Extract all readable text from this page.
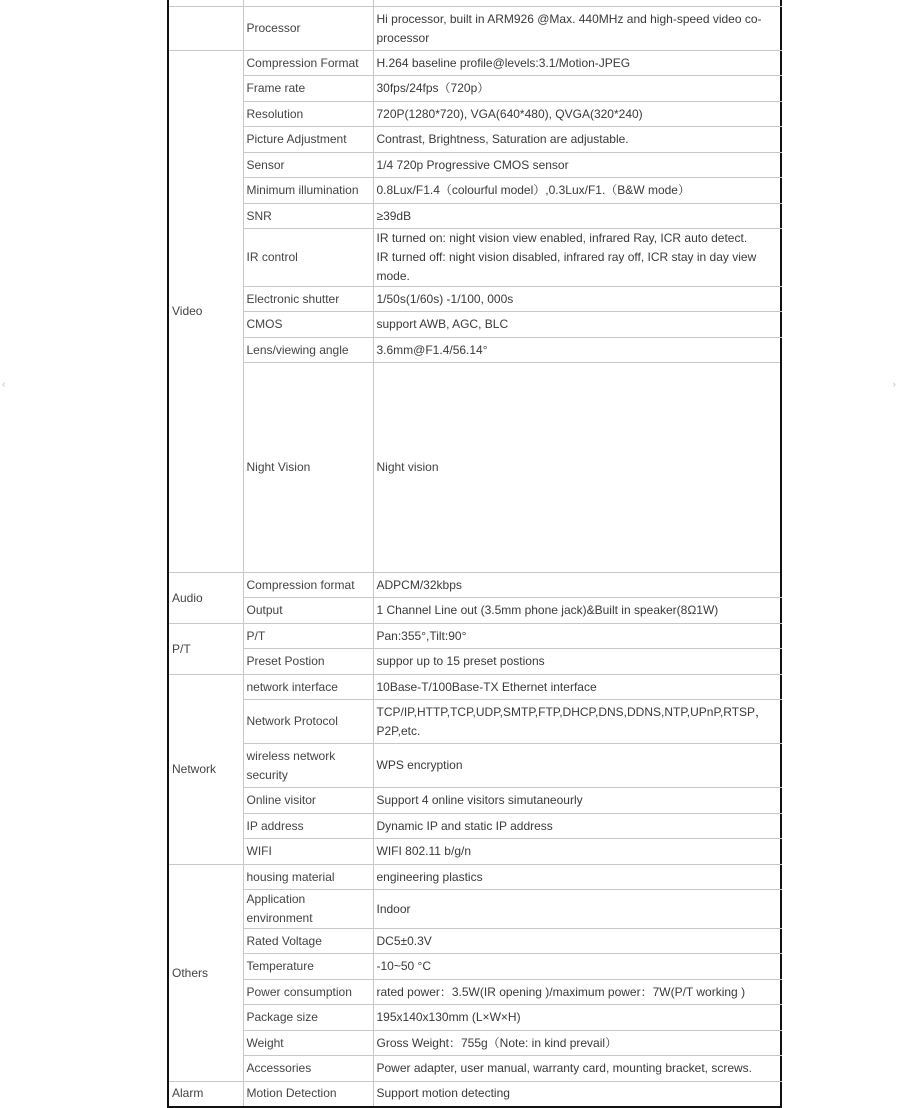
‹	›

	Processor	Hi processor, built in ARM926 @Max. 440MHz and high-speed video co-processor	
Video	Compression Format	H.264 baseline profile@levels:3.1/Motion-JPEG	
	Frame rate	30fps/24fps（720p）	
	Resolution	720P(1280*720), VGA(640*480), QVGA(320*240)	
	Picture Adjustment	Contrast, Brightness, Saturation are adjustable.	
	Sensor	1/4 720p Progressive CMOS sensor	
	Minimum illumination	0.8Lux/F1.4（colourful model）,0.3Lux/F1.（B&W mode）	
	SNR	≥39dB	
	IR control	IR turned on: night vision view enabled, infrared Ray, ICR auto detect.
IR turned off: night vision disabled, infrared ray off, ICR stay in day view mode.	
	Electronic shutter	1/50s(1/60s) -1/100, 000s	
	CMOS	support AWB, AGC, BLC	
	Lens/viewing angle	3.6mm@F1.4/56.14°	
	Night Vision	Night vision	
Audio	Compression format	ADPCM/32kbps	
	Output	1 Channel Line out (3.5mm phone jack)&Built in speaker(8Ω1W)	
P/T	P/T	Pan:355°,Tilt:90°	
	Preset Postion	suppor up to 15 preset postions	
Network	network interface	10Base-T/100Base-TX Ethernet interface	
	Network Protocol	TCP/IP,HTTP,TCP,UDP,SMTP,FTP,DHCP,DNS,DDNS,NTP,UPnP,RTSP，P2P,etc.	
	wireless network security	WPS encryption	
	Online visitor	Support 4 online visitors simutaneourly	
	IP address	Dynamic IP and static IP address	
	WIFI	WIFI 802.11 b/g/n	
Others	housing material	engineering plastics	
	Application environment	Indoor	
	Rated Voltage	DC5±0.3V	
	Temperature	-10~50 °C	
	Power consumption	rated power：3.5W(IR opening )/maximum power：7W(P/T working )	
	Package size	195x140x130mm (L×W×H)	
	Weight	Gross Weight：755g（Note: in kind prevail）	
	Accessories	Power adapter, user manual, warranty card, mounting bracket, screws.	
Alarm	Motion Detection	Support motion detecting	
